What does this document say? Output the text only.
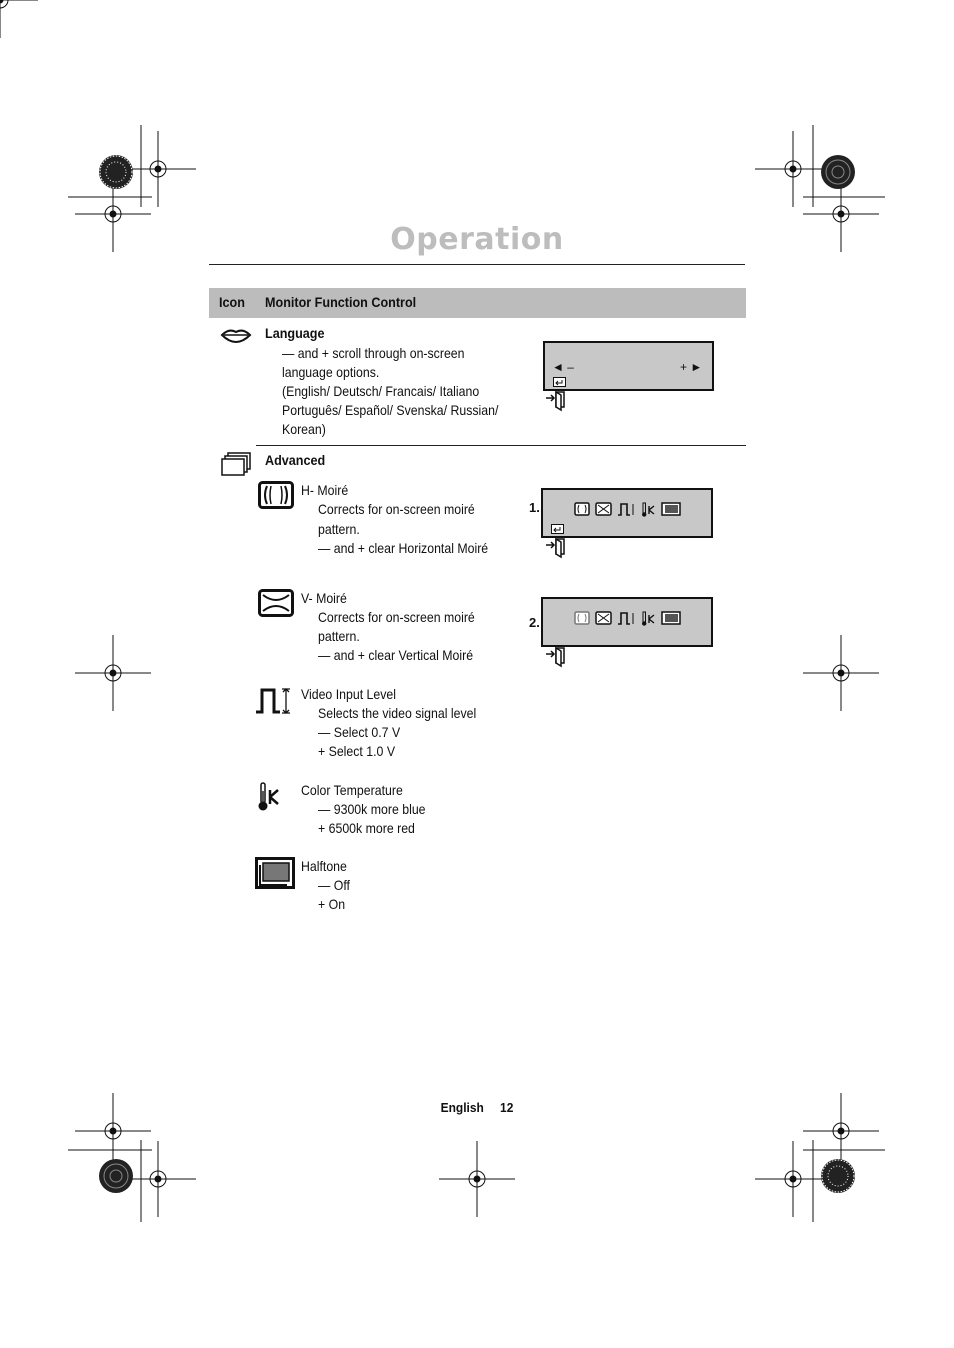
Operation
Icon Monitor Function Control
Language
— and + scroll through on-screen
language options.
(English/ Deutsch/ Francais/ Italiano
Português/ Español/ Svenska/ Russian/
Korean)
◄ –	+ ►
Advanced
H- Moiré
Corrects for on-screen moiré
pattern.
— and + clear Horizontal Moiré
V- Moiré
Corrects for on-screen moiré
pattern.
— and + clear Vertical Moiré
Video Input Level
Selects the video signal level
— Select 0.7 V
+ Select 1.0 V
Color Temperature
— 9300k more blue
+ 6500k more red
Halftone
— Off
+ On
1.
2.
English 12
